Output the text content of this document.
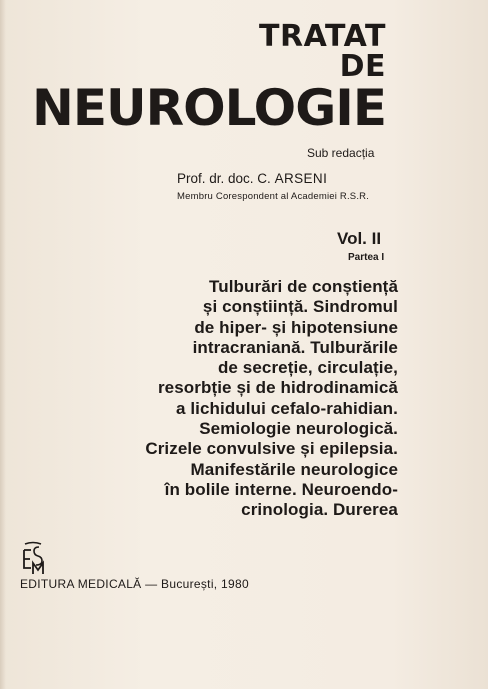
TRATAT
DE
NEUROLOGIE
Sub redacția
Prof. dr. doc. C. ARSENI
Membru Corespondent al Academiei R.S.R.
Vol. II
Partea I
Tulburări de conștiență
și conștiință. Sindromul
de hiper- și hipotensiune
intracraniană. Tulburările
de secreție, circulație,
resorbție și de hidrodinamică
a lichidului cefalo-rahidian.
Semiologie neurologică.
Crizele convulsive și epilepsia.
Manifestările neurologice
în bolile interne. Neuroendo-
crinologia. Durerea
EDITURA MEDICALĂ — București, 1980
